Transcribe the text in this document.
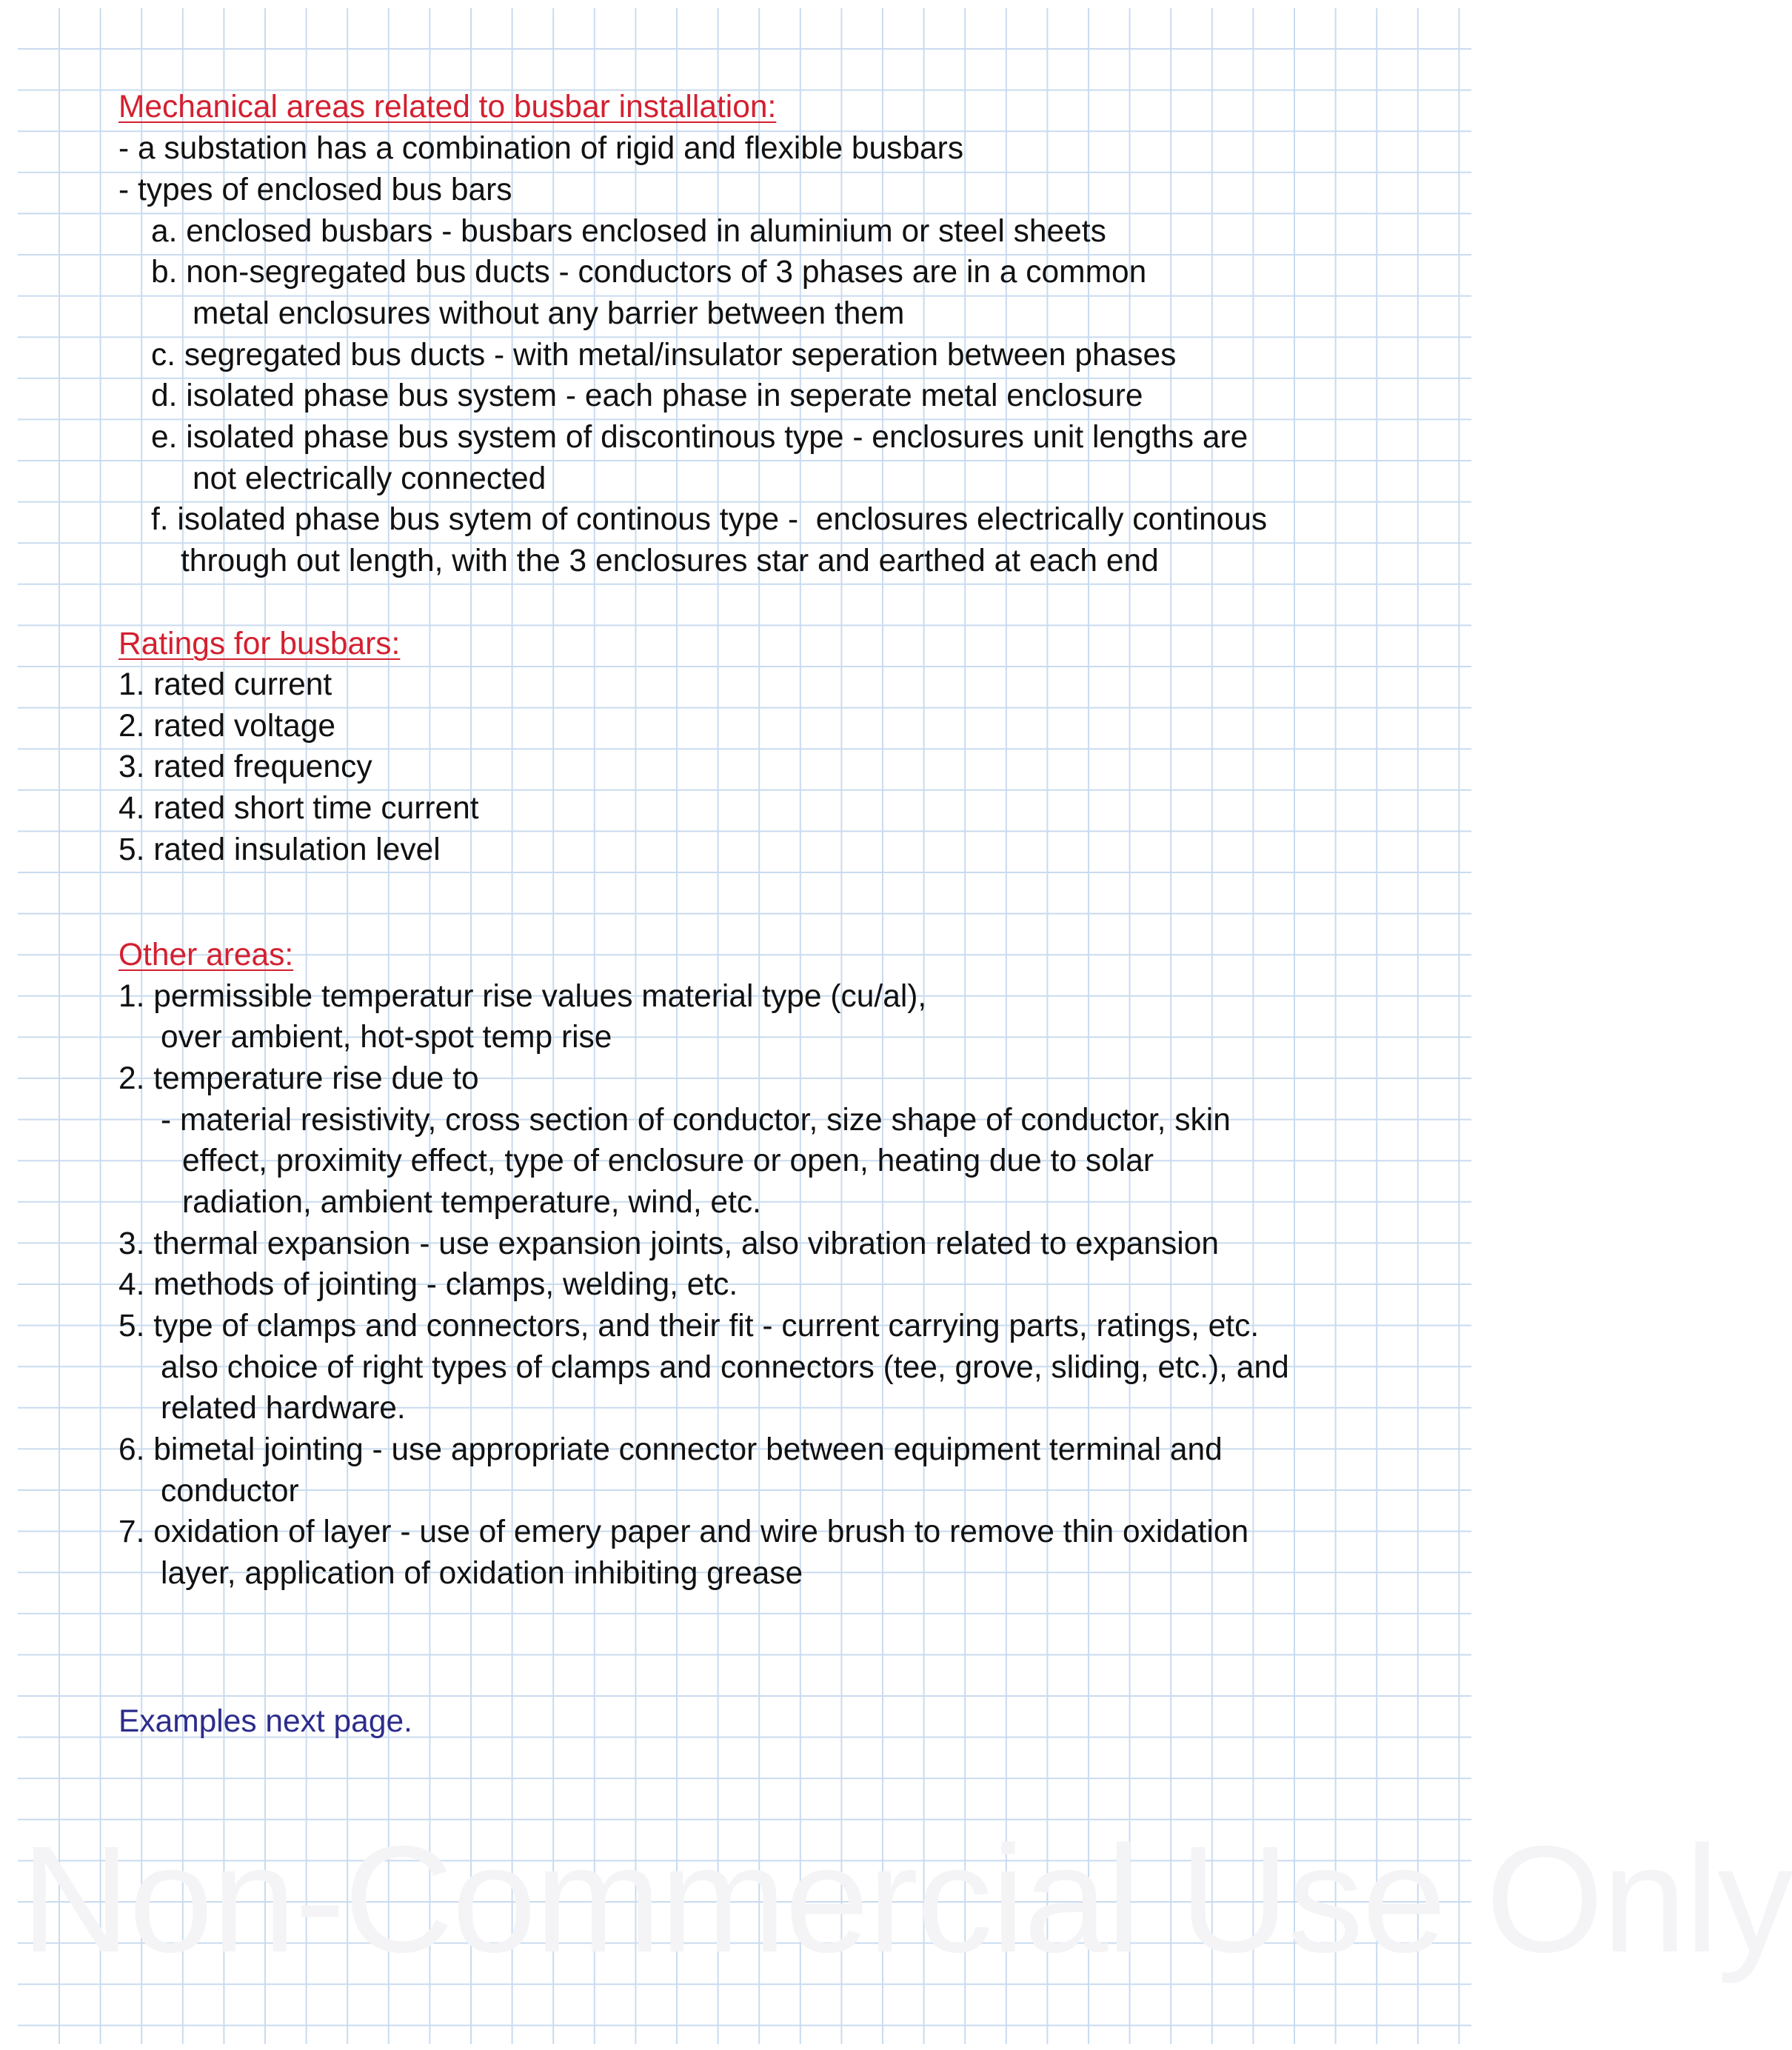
Non-Commercial Use Only
Mechanical areas related to busbar installation:
- a substation has a combination of rigid and flexible busbars
- types of enclosed bus bars
a. enclosed busbars - busbars enclosed in aluminium or steel sheets
b. non-segregated bus ducts - conductors of 3 phases are in a common
metal enclosures without any barrier between them
c. segregated bus ducts - with metal/insulator seperation between phases
d. isolated phase bus system - each phase in seperate metal enclosure
e. isolated phase bus system of discontinous type - enclosures unit lengths are
not electrically connected
f. isolated phase bus sytem of continous type -  enclosures electrically continous
through out length, with the 3 enclosures star and earthed at each end
Ratings for busbars:
1. rated current
2. rated voltage
3. rated frequency
4. rated short time current
5. rated insulation level
Other areas:
1. permissible temperatur rise values material type (cu/al),
over ambient, hot-spot temp rise
2. temperature rise due to
- material resistivity, cross section of conductor, size shape of conductor, skin
effect, proximity effect, type of enclosure or open, heating due to solar
radiation, ambient temperature, wind, etc.
3. thermal expansion - use expansion joints, also vibration related to expansion
4. methods of jointing - clamps, welding, etc.
5. type of clamps and connectors, and their fit - current carrying parts, ratings, etc.
also choice of right types of clamps and connectors (tee, grove, sliding, etc.), and
related hardware.
6. bimetal jointing - use appropriate connector between equipment terminal and
conductor
7. oxidation of layer - use of emery paper and wire brush to remove thin oxidation
layer, application of oxidation inhibiting grease
Examples next page.
